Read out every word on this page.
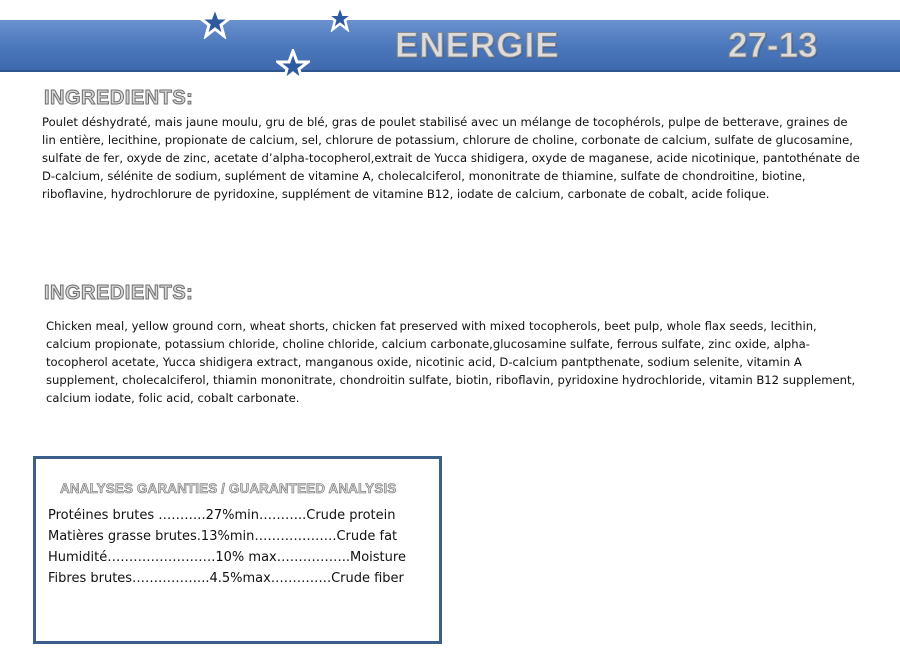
ENERGIE	27-13
INGREDIENTS:
Poulet déshydraté, mais jaune moulu, gru de blé, gras de poulet stabilisé avec un mélange de tocophérols, pulpe de betterave, graines de lin entière, lecithine, propionate de calcium, sel, chlorure de potassium, chlorure de choline, corbonate de calcium, sulfate de glucosamine, sulfate de fer, oxyde de zinc, acetate d’alpha-tocopherol,extrait de Yucca shidigera, oxyde de maganese, acide nicotinique, pantothénate de D-calcium, sélénite de sodium, suplément de vitamine A, cholecalciferol, mononitrate de thiamine, sulfate de chondroitine, biotine, riboflavine, hydrochlorure de pyridoxine, supplément de vitamine B12, iodate de calcium, carbonate de cobalt, acide folique.
INGREDIENTS:
Chicken meal, yellow ground corn, wheat shorts, chicken fat preserved with mixed tocopherols, beet pulp, whole flax seeds, lecithin, calcium propionate, potassium chloride, choline chloride, calcium carbonate,glucosamine sulfate, ferrous sulfate, zinc oxide, alpha-tocopherol acetate, Yucca shidigera extract, manganous oxide, nicotinic acid, D-calcium pantpthenate, sodium selenite, vitamin A supplement, cholecalciferol, thiamin mononitrate, chondroitin sulfate, biotin, riboflavin, pyridoxine hydrochloride, vitamin B12 supplement, calcium iodate, folic acid, cobalt carbonate.
ANALYSES GARANTIES / GUARANTEED ANALYSIS
Protéines brutes ………..27%min………..Crude protein
Matières grasse brutes.13%min……………….Crude fat
Humidité…………………….10% max……………..Moisture
Fibres brutes……………...4.5%max…………..Crude fiber
